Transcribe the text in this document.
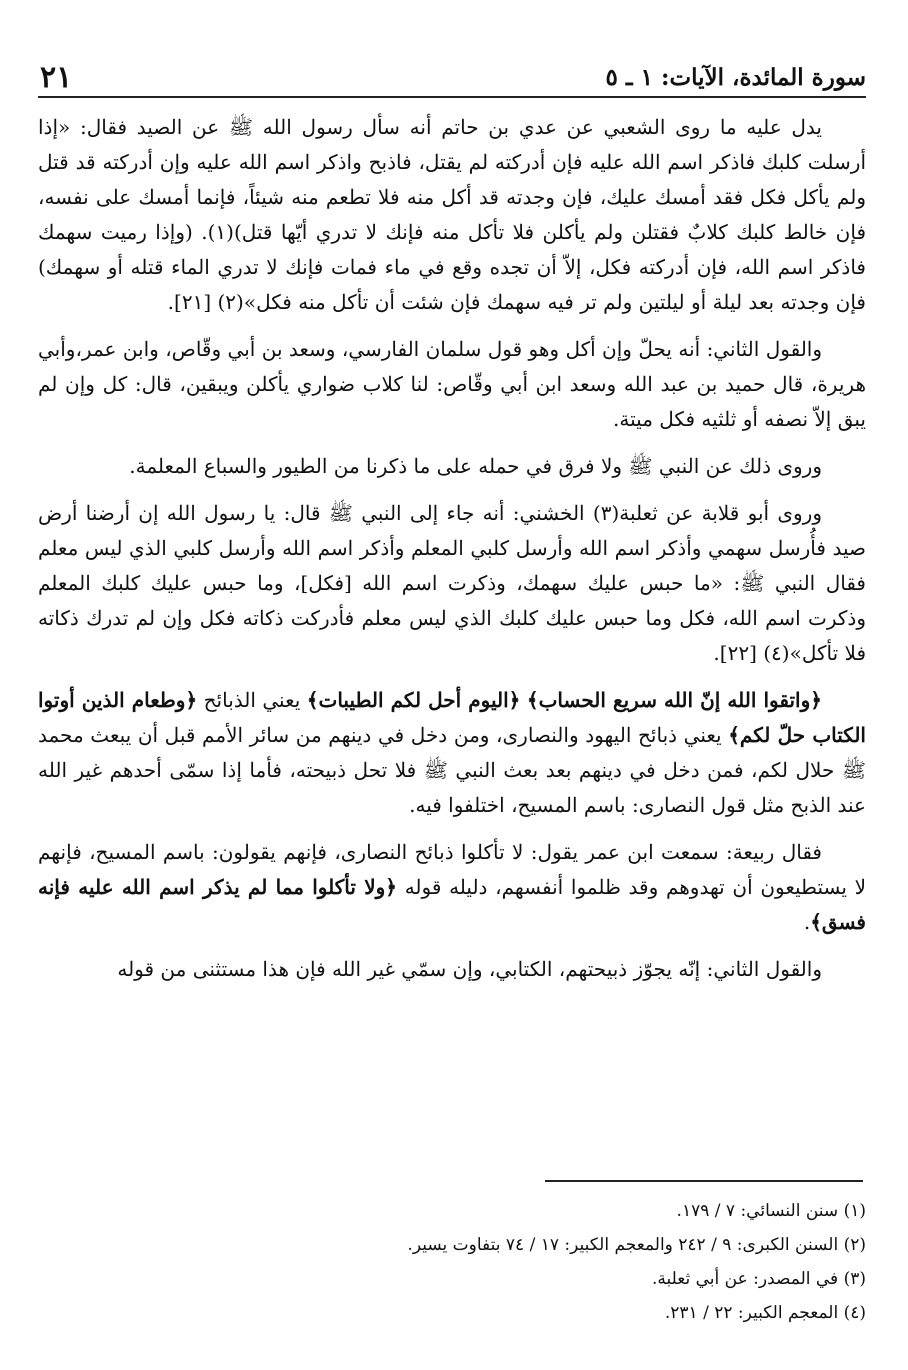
٢١	سورة المائدة، الآيات: ١ ـ ٥

يدل عليه ما روى الشعبي عن عدي بن حاتم أنه سأل رسول الله ﷺ عن الصيد فقال: «إذا أرسلت كلبك فاذكر اسم الله عليه فإن أدركته لم يقتل، فاذبح واذكر اسم الله عليه وإن أدركته قد قتل ولم يأكل فكل فقد أمسك عليك، فإن وجدته قد أكل منه فلا تطعم منه شيئاً، فإنما أمسك على نفسه، فإن خالط كلبك كلابٌ فقتلن ولم يأكلن فلا تأكل منه فإنك لا تدري أيّها قتل)(١). (وإذا رميت سهمك فاذكر اسم الله، فإن أدركته فكل، إلاّ أن تجده وقع في ماء فمات فإنك لا تدري الماء قتله أو سهمك) فإن وجدته بعد ليلة أو ليلتين ولم تر فيه سهمك فإن شئت أن تأكل منه فكل»(٢) [٢١].

والقول الثاني: أنه يحلّ وإن أكل وهو قول سلمان الفارسي، وسعد بن أبي وقّاص، وابن عمر،وأبي هريرة، قال حميد بن عبد الله وسعد ابن أبي وقّاص: لنا كلاب ضواري يأكلن ويبقين، قال: كل وإن لم يبق إلاّ نصفه أو ثلثيه فكل ميتة.

وروى ذلك عن النبي ﷺ ولا فرق في حمله على ما ذكرنا من الطيور والسباع المعلمة.

وروى أبو قلابة عن ثعلبة(٣) الخشني: أنه جاء إلى النبي ﷺ قال: يا رسول الله إن أرضنا أرض صيد فأُرسل سهمي وأذكر اسم الله وأرسل كلبي المعلم وأذكر اسم الله وأرسل كلبي الذي ليس معلم فقال النبي ﷺ: «ما حبس عليك سهمك، وذكرت اسم الله [فكل]، وما حبس عليك كلبك المعلم وذكرت اسم الله، فكل وما حبس عليك كلبك الذي ليس معلم فأدركت ذكاته فكل وإن لم تدرك ذكاته فلا تأكل»(٤) [٢٢].

﴿واتقوا الله إنّ الله سريع الحساب﴾ ﴿اليوم أحل لكم الطيبات﴾ يعني الذبائح ﴿وطعام الذين أوتوا الكتاب حلّ لكم﴾ يعني ذبائح اليهود والنصارى، ومن دخل في دينهم من سائر الأمم قبل أن يبعث محمد ﷺ حلال لكم، فمن دخل في دينهم بعد بعث النبي ﷺ فلا تحل ذبيحته، فأما إذا سمّى أحدهم غير الله عند الذبح مثل قول النصارى: باسم المسيح، اختلفوا فيه.

فقال ربيعة: سمعت ابن عمر يقول: لا تأكلوا ذبائح النصارى، فإنهم يقولون: باسم المسيح، فإنهم لا يستطيعون أن تهدوهم وقد ظلموا أنفسهم، دليله قوله ﴿ولا تأكلوا مما لم يذكر اسم الله عليه فإنه فسق﴾.

والقول الثاني: إنّه يجوّز ذبيحتهم، الكتابي، وإن سمّي غير الله فإن هذا مستثنى من قوله

(١) سنن النسائي: ٧ / ١٧٩.
(٢) السنن الكبرى: ٩ / ٢٤٢ والمعجم الكبير: ١٧ / ٧٤ بتفاوت يسير.
(٣) في المصدر: عن أبي ثعلبة.
(٤) المعجم الكبير: ٢٢ / ٢٣١.
